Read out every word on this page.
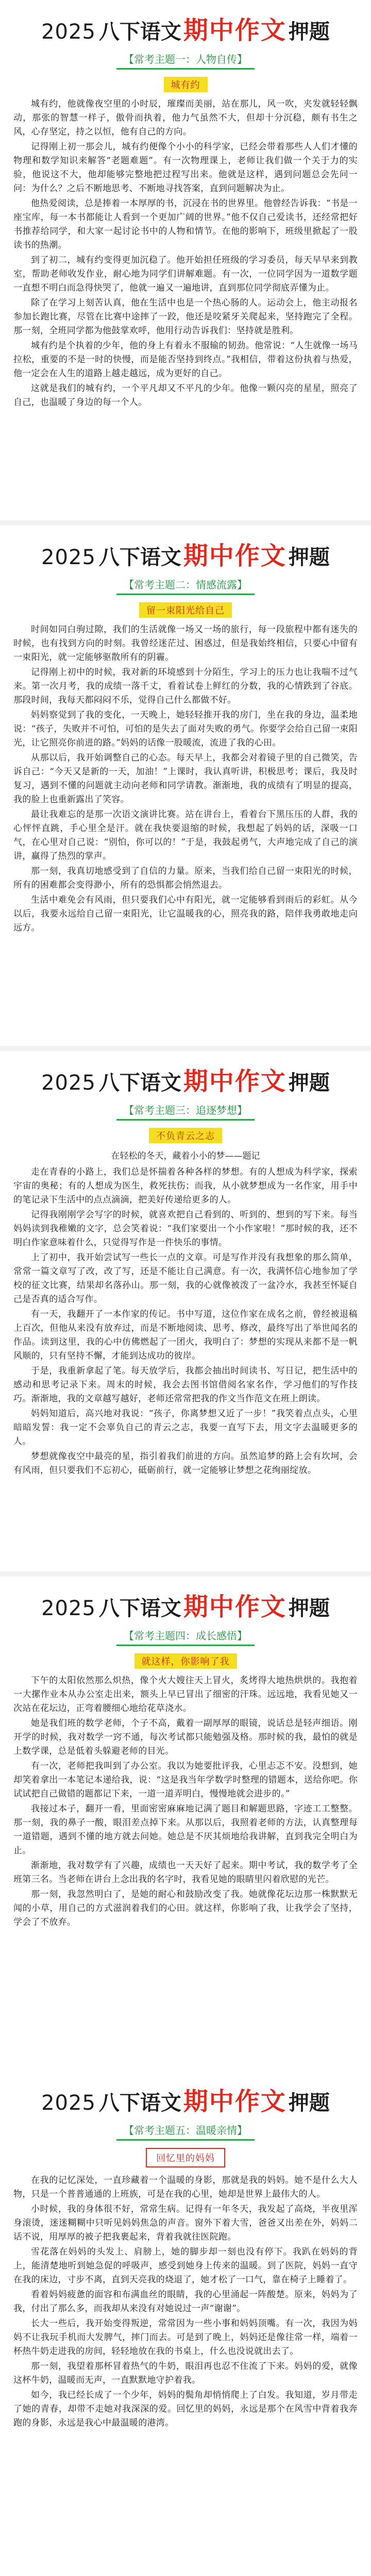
2025 八下语文期中作文 押题
【常考主题一：人物自传】
城有约

城有约，他就像夜空里的小时辰，璀璨而美丽，站在那儿，风一吹，夹发就轻轻飘动，那张的智慧一样子，傲骨而执着，他力气虽然不大，但却十分沉稳，颇有书生之风，心存坚定，持之以恒，他有自己的方向。

记得刚上初一那会儿，城有约便像个小小的科学家，已经会带着那些人人们才懂的物理和数学知识来解答“老题难题”。有一次物理课上，老师让我们做一个关于力的实验，他说这不大，他却能够完整地把过程写出来。他就是这样，遇到问题总会先问一问：为什么？之后不断地思考、不断地寻找答案，直到问题解决为止。

他热爱阅读，总是捧着一本厚厚的书，沉浸在书的世界里。他曾经告诉我：“书是一座宝库，每一本书都能让人看到一个更加广阔的世界。”他不仅自己爱读书，还经常把好书推荐给同学，和大家一起讨论书中的人物和情节。在他的影响下，班级里掀起了一股读书的热潮。

到了初二，城有约变得更加沉稳了。他开始担任班级的学习委员，每天早早来到教室，帮助老师收发作业，耐心地为同学们讲解难题。有一次，一位同学因为一道数学题一直想不明白而急得快哭了，他就一遍又一遍地讲，直到那位同学彻底弄懂为止。

除了在学习上刻苦认真，他在生活中也是一个热心肠的人。运动会上，他主动报名参加长跑比赛，尽管在比赛中途摔了一跤，他还是咬紧牙关爬起来，坚持跑完了全程。那一刻，全班同学都为他鼓掌欢呼，他用行动告诉我们：坚持就是胜利。

城有约是个执着的少年，他的身上有着永不服输的韧劲。他常说：“人生就像一场马拉松，重要的不是一时的快慢，而是能否坚持到终点。”我相信，带着这份执着与热爱，他一定会在人生的道路上越走越远，成为更好的自己。

这就是我们的城有约，一个平凡却又不平凡的少年。他像一颗闪亮的星星，照亮了自己，也温暖了身边的每一个人。

2025 八下语文期中作文 押题
【常考主题二：情感流露】
留一束阳光给自己

时间如同白驹过隙，我们的生活就像一场又一场的旅行，每一段旅程中都有迷失的时候，也有找到方向的时刻。我曾经迷茫过、困惑过，但是我始终相信，只要心中留有一束阳光，就一定能够驱散所有的阴霾。

记得刚上初中的时候，我对新的环境感到十分陌生，学习上的压力也让我喘不过气来。第一次月考，我的成绩一落千丈，看着试卷上鲜红的分数，我的心情跌到了谷底。那段时间，我每天都闷闷不乐，觉得自己什么都做不好。

妈妈察觉到了我的变化，一天晚上，她轻轻推开我的房门，坐在我的身边，温柔地说：“孩子，失败并不可怕，可怕的是失去了面对失败的勇气。你要学会给自己留一束阳光，让它照亮你前进的路。”妈妈的话像一股暖流，流进了我的心田。

从那以后，我开始调整自己的心态。每天早上，我都会对着镜子里的自己微笑，告诉自己：“今天又是新的一天，加油！”上课时，我认真听讲，积极思考；课后，我及时复习，遇到不懂的问题就主动向老师和同学请教。渐渐地，我的成绩有了明显的提高，我的脸上也重新露出了笑容。

最让我难忘的是那一次语文演讲比赛。站在讲台上，看着台下黑压压的人群，我的心怦怦直跳，手心里全是汗。就在我快要退缩的时候，我想起了妈妈的话，深吸一口气，在心里对自己说：“别怕，你可以的！”于是，我鼓起勇气，大声地完成了自己的演讲，赢得了热烈的掌声。

那一刻，我真切地感受到了自信的力量。原来，当我们给自己留一束阳光的时候，所有的困难都会变得渺小，所有的恐惧都会悄然退去。

生活中难免会有风雨，但只要我们心中有阳光，就一定能够看到雨后的彩虹。从今以后，我要永远给自己留一束阳光，让它温暖我的心，照亮我的路，陪伴我勇敢地走向远方。

2025 八下语文期中作文 押题
【常考主题三：追逐梦想】
不负青云之志
在轻松的冬天，藏着小小的梦——题记

走在青春的小路上，我们总是怀揣着各种各样的梦想。有的人想成为科学家，探索宇宙的奥秘；有的人想成为医生，救死扶伤；而我，从小就梦想成为一名作家，用手中的笔记录下生活中的点点滴滴，把美好传递给更多的人。

记得我刚刚学会写字的时候，就喜欢把自己看到的、听到的、想到的写下来。每当妈妈读到我稚嫩的文字，总会笑着说：“我们家要出一个小作家啦！”那时候的我，还不明白作家意味着什么，只觉得写作是一件快乐的事情。

上了初中，我开始尝试写一些长一点的文章。可是写作并没有我想象的那么简单，常常一篇文章写了改，改了写，还是不能让自己满意。有一次，我满怀信心地参加了学校的征文比赛，结果却名落孙山。那一刻，我的心就像被泼了一盆冷水，我甚至怀疑自己是否真的适合写作。

有一天，我翻开了一本作家的传记。书中写道，这位作家在成名之前，曾经被退稿上百次，但他从来没有放弃过，而是不断地阅读、思考、修改，最终写出了举世闻名的作品。读到这里，我的心中仿佛燃起了一团火，我明白了：梦想的实现从来都不是一帆风顺的，只有坚持不懈，才能到达成功的彼岸。

于是，我重新拿起了笔。每天放学后，我都会抽出时间读书、写日记，把生活中的感动和思考记录下来。周末的时候，我会去图书馆借阅名家名作，学习他们的写作技巧。渐渐地，我的文章越写越好，老师还常常把我的作文当作范文在班上朗读。

妈妈知道后，高兴地对我说：“孩子，你离梦想又近了一步！”我笑着点点头，心里暗暗发誓：我一定不会辜负自己的青云之志，我要一直写下去，用文字去温暖更多的人。

梦想就像夜空中最亮的星，指引着我们前进的方向。虽然追梦的路上会有坎坷，会有风雨，但只要我们不忘初心，砥砺前行，就一定能够让梦想之花绚丽绽放。

2025 八下语文期中作文 押题
【常考主题四：成长感悟】
就这样，你影响了我

下午的太阳依然那么炽热，像个火大嫂往天上冒火，炙烤得大地热烘烘的。我抱着一大摞作业本从办公室走出来，额头上早已冒出了细密的汗珠。远远地，我看见她又一次站在花坛边，正弯着腰细心地给花草浇水。

她是我们班的数学老师，个子不高，戴着一副厚厚的眼镜，说话总是轻声细语。刚开学的时候，我对数学一窍不通，每次考试都只能勉强及格。那时候的我，最怕的就是上数学课，总是低着头躲避老师的目光。

有一次，老师把我叫到了办公室。我以为她要批评我，心里忐忑不安。没想到，她却笑着拿出一本笔记本递给我，说：“这是我当年学数学时整理的错题本，送给你吧。你试试把自己做错的题都记下来，一道一道弄明白，慢慢地就会进步的。”

我接过本子，翻开一看，里面密密麻麻地记满了题目和解题思路，字迹工工整整。那一刻，我的鼻子一酸，眼泪差点掉下来。从那以后，我照着老师的方法，认真整理每一道错题，遇到不懂的地方就去问她。她总是不厌其烦地给我讲解，直到我完全明白为止。

渐渐地，我对数学有了兴趣，成绩也一天天好了起来。期中考试，我的数学考了全班第三名。当老师在讲台上念出我的名字时，我看见她的眼睛里闪着欣慰的光芒。

那一刻，我忽然明白了，是她的耐心和鼓励改变了我。她就像花坛边那一株默默无闻的小草，用自己的方式滋润着我们的心田。就这样，你影响了我，让我学会了坚持，学会了不放弃。

2025 八下语文期中作文 押题
【常考主题五：温暖亲情】
回忆里的妈妈

在我的记忆深处，一直珍藏着一个温暖的身影，那就是我的妈妈。她不是什么大人物，只是一个普普通通的上班族，可是在我的心里，她却是世界上最伟大的人。

小时候，我的身体很不好，常常生病。记得有一年冬天，我发起了高烧，半夜里浑身滚烫，迷迷糊糊中只听见妈妈焦急的声音。窗外下着大雪，爸爸又出差在外，妈妈二话不说，用厚厚的被子把我裹起来，背着我就往医院跑。

雪花落在妈妈的头发上、肩膀上，她的脚步却一刻也没有停下。我趴在妈妈的背上，能清楚地听到她急促的呼吸声，感受到她身上传来的温暖。到了医院，妈妈一直守在我的床边，寸步不离，直到天亮我的烧退了，她才松了一口气，靠在椅子上睡着了。

看着妈妈疲惫的面容和布满血丝的眼睛，我的心里涌起一阵酸楚。原来，妈妈为了我，付出了那么多，而我却从来没有对她说过一声“谢谢”。

长大一些后，我开始变得叛逆，常常因为一些小事和妈妈顶嘴。有一次，我因为妈妈不让我玩手机而大发脾气，摔门而去。可是到了晚上，妈妈还是像往常一样，端着一杯热牛奶走进我的房间，轻轻地放在我的书桌上，什么也没说就出去了。

那一刻，我望着那杯冒着热气的牛奶，眼泪再也忍不住流了下来。妈妈的爱，就像这杯牛奶，温暖而无声，一直默默地守护着我。

如今，我已经长成了一个少年，妈妈的鬓角却悄悄爬上了白发。我知道，岁月带走了她的青春，却带不走她对我深深的爱。回忆里的妈妈，永远是那个在风雪中背着我奔跑的身影，永远是我心中最温暖的港湾。
